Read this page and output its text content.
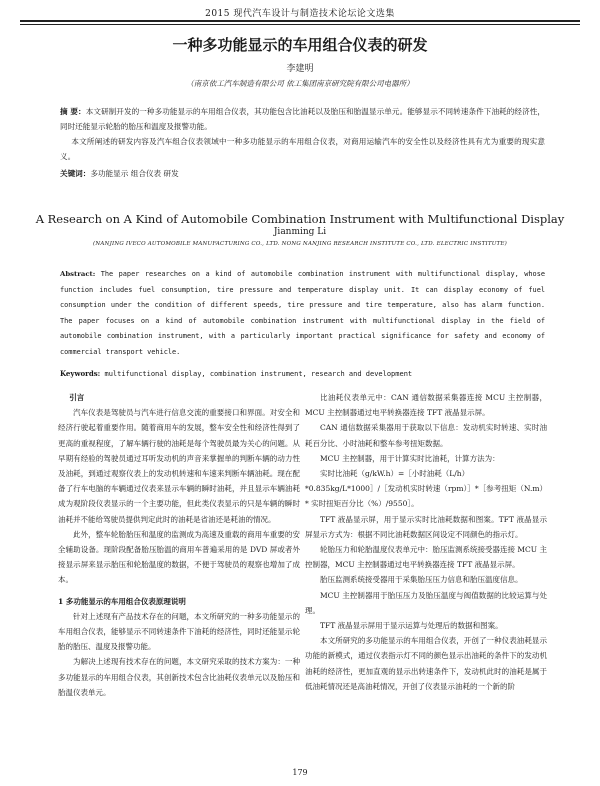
2015 现代汽车设计与制造技术论坛论文选集
一种多功能显示的车用组合仪表的研发
李建明
（南京依工汽车制造有限公司 依工集团南京研究院有限公司电器所）

摘 要：本文研制开发的一种多功能显示的车用组合仪表，其功能包含比油耗以及胎压和胎温显示单元。能够显示不同转速条件下油耗的经济性，同时还能显示轮胎的胎压和温度及报警功能。

本文所阐述的研发内容及汽车组合仪表领域中一种多功能显示的车用组合仪表，对商用运输汽车的安全性以及经济性具有尤为重要的现实意义。

关键词：多功能显示 组合仪表 研发

A Research on A Kind of Automobile Combination Instrument with Multifunctional Display
Jianming Li
(NANJING IVECO AUTOMOBILE MANUFACTURING CO., LTD. NONG NANJING RESEARCH INSTITUTE CO., LTD. ELECTRIC INSTITUTE)
Abstract: The paper researches on a kind of automobile combination instrument with multifunctional display, whose function includes fuel consumption, tire pressure and temperature display unit. It can display economy of fuel consumption under the condition of different speeds, tire pressure and tire temperature, also has alarm function. The paper focuses on a kind of automobile combination instrument with multifunctional display in the field of automobile combination instrument, with a particularly important practical significance for safety and economy of commercial transport vehicle.
Keywords: multifunctional display, combination instrument, research and development

引言

汽车仪表是驾驶员与汽车进行信息交流的重要接口和界面。对安全和经济行驶起着重要作用。随着商用车的发展，整车安全性和经济性得到了更高的重视程度，了解车辆行驶的油耗是每个驾驶员最为关心的问题。从早期有经验的驾驶员通过耳听发动机的声音来掌握单的判断车辆的动力性及油耗，到通过观察仪表上的发动机转速和车速来判断车辆油耗。现在配备了行车电脑的车辆通过仪表来显示车辆的瞬时油耗，并且显示车辆油耗成为观阶段仪表显示的一个主要功能，但此类仪表显示的只是车辆的瞬时油耗并不能给驾驶员提供判定此时的油耗是省油还是耗油的情况。

此外，整车轮胎胎压和温度的监测成为高速及重载的商用车重要的安全辅助设备。现阶段配备胎压胎温的商用车普遍采用的是 DVD 屏或者外接显示屏来显示胎压和轮胎温度的数据，不便于驾驶员的观察也增加了成本。

1 多功能显示的车用组合仪表原理说明

针对上述现有产品技术存在的问题，本文所研究的一种多功能显示的车用组合仪表，能够显示不同转速条件下油耗的经济性，同时还能显示轮胎的胎压、温度及报警功能。

为解决上述现有技术存在的问题，本文研究采取的技术方案为：一种多功能显示的车用组合仪表，其创新技术包含比油耗仪表单元以及胎压和胎温仪表单元。

比油耗仪表单元中：CAN 通信数据采集器连接 MCU 主控制器，MCU 主控制器通过电平转换器连接 TFT 液晶显示屏。

CAN 通信数据采集器用于获取以下信息：发动机实时转速、实时油耗百分比、小时油耗和整车参考扭矩数据。

MCU 主控制器，用于计算实时比油耗，计算方法为：

实时比油耗（g/kW.h）=［小时油耗（L/h）

*0.835kg/L*1000］/［发动机实时转速（rpm）］*［参考扭矩（N.m）* 实时扭矩百分比（%）/9550］。

TFT 液晶显示屏，用于显示实时比油耗数据和图案。TFT 液晶显示屏显示方式为：根据不同比油耗数据区间设定不同颜色的指示灯。

轮胎压力和轮胎温度仪表单元中：胎压监测系统接受器连接 MCU 主控制器，MCU 主控制器通过电平转换器连接 TFT 液晶显示屏。

胎压监测系统接受器用于采集胎压压力信息和胎压温度信息。

MCU 主控制器用于胎压压力及胎压温度与阀值数据的比较运算与处理。

TFT 液晶显示屏用于显示运算与处理后的数据和图案。

本文所研究的多功能显示的车用组合仪表，开创了一种仪表油耗显示功能的新模式，通过仪表指示灯不同的颜色显示出油耗的条件下的发动机油耗的经济性，更加直观的显示出转速条件下，发动机此时的油耗是属于低油耗情况还是高油耗情况，开创了仪表显示油耗的一个新的阶

179
